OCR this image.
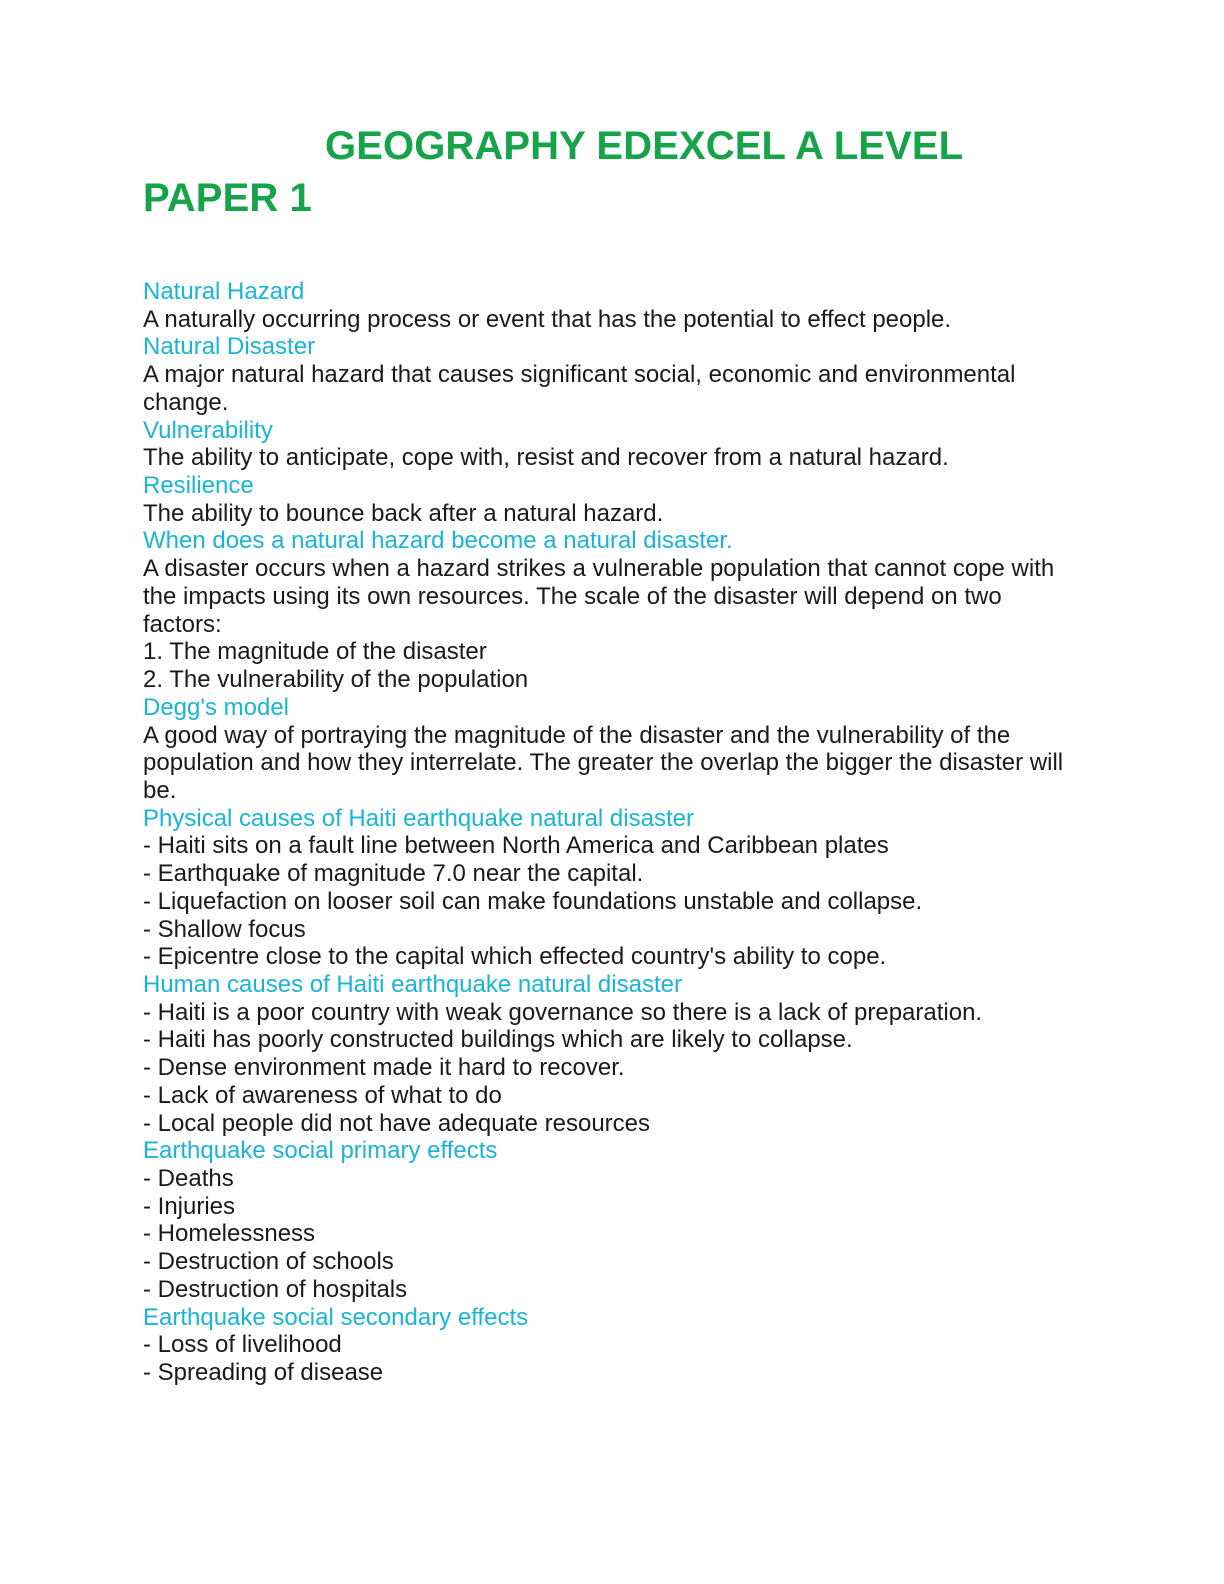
GEOGRAPHY EDEXCEL A LEVEL PAPER 1
Natural Hazard
A naturally occurring process or event that has the potential to effect people.
Natural Disaster
A major natural hazard that causes significant social, economic and environmental change.
Vulnerability
The ability to anticipate, cope with, resist and recover from a natural hazard.
Resilience
The ability to bounce back after a natural hazard.
When does a natural hazard become a natural disaster.
A disaster occurs when a hazard strikes a vulnerable population that cannot cope with the impacts using its own resources. The scale of the disaster will depend on two factors:
1. The magnitude of the disaster
2. The vulnerability of the population
Degg's model
A good way of portraying the magnitude of the disaster and the vulnerability of the population and how they interrelate. The greater the overlap the bigger the disaster will be.
Physical causes of Haiti earthquake natural disaster
- Haiti sits on a fault line between North America and Caribbean plates
- Earthquake of magnitude 7.0 near the capital.
- Liquefaction on looser soil can make foundations unstable and collapse.
- Shallow focus
- Epicentre close to the capital which effected country's ability to cope.
Human causes of Haiti earthquake natural disaster
- Haiti is a poor country with weak governance so there is a lack of preparation.
- Haiti has poorly constructed buildings which are likely to collapse.
- Dense environment made it hard to recover.
- Lack of awareness of what to do
- Local people did not have adequate resources
Earthquake social primary effects
- Deaths
- Injuries
- Homelessness
- Destruction of schools
- Destruction of hospitals
Earthquake social secondary effects
- Loss of livelihood
- Spreading of disease
